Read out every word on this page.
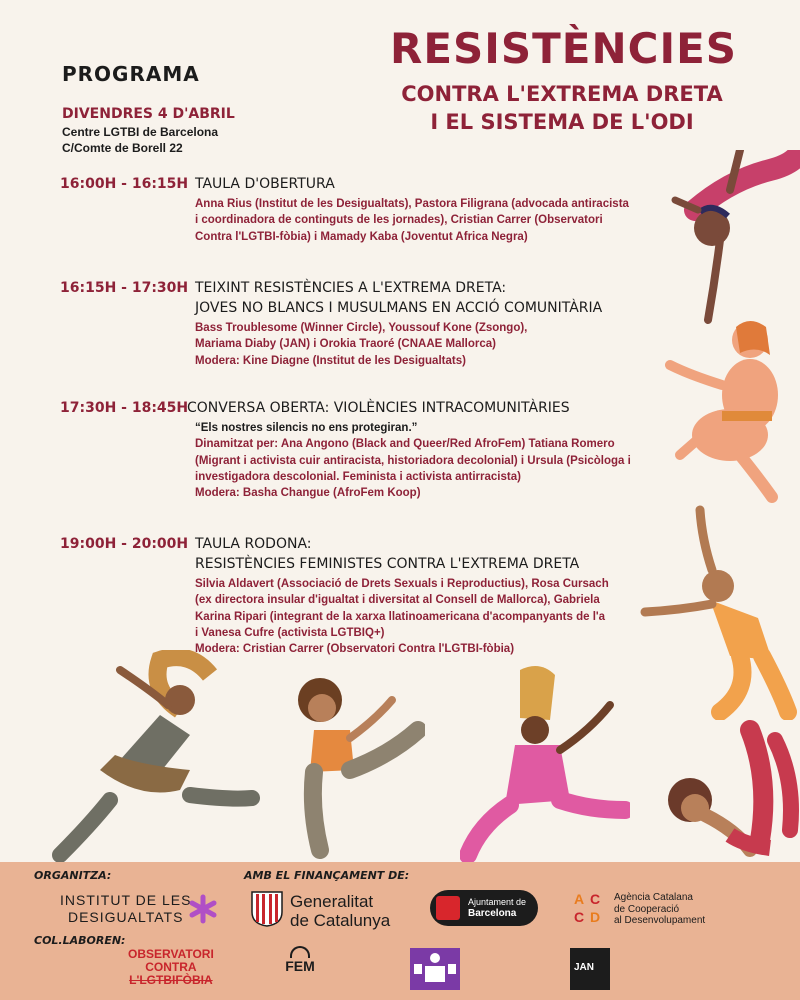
RESISTÈNCIES
CONTRA L'EXTREMA DRETA
I EL SISTEMA DE L'ODI
PROGRAMA
DIVENDRES 4 D'ABRIL
Centre LGTBI de Barcelona
C/Comte de Borell 22
16:00H - 16:15H TAULA D'OBERTURA
Anna Rius (Institut de les Desigualtats), Pastora Filigrana (advocada antiracista
i coordinadora de continguts de les jornades), Cristian Carrer (Observatori
Contra l'LGTBI-fòbia) i Mamady Kaba (Joventut Africa Negra)
16:15H - 17:30H TEIXINT RESISTÈNCIES A L'EXTREMA DRETA:
JOVES NO BLANCS I MUSULMANS EN ACCIÓ COMUNITÀRIA
Bass Troublesome (Winner Circle), Youssouf Kone (Zsongo),
Mariama Diaby (JAN) i Orokia Traoré (CNAAE Mallorca)
Modera: Kine Diagne (Institut de les Desigualtats)
17:30H - 18:45H
CONVERSA OBERTA: VIOLÈNCIES INTRACOMUNITÀRIES
“Els nostres silencis no ens protegiran.”
Dinamitzat per: Ana Angono (Black and Queer/Red AfroFem) Tatiana Romero
(Migrant i activista cuir antiracista, historiadora decolonial) i Ursula (Psicòloga i
investigadora descolonial. Feminista i activista antirracista)
Modera: Basha Changue (AfroFem Koop)
19:00H - 20:00H TAULA RODONA:
RESISTÈNCIES FEMINISTES CONTRA L'EXTREMA DRETA
Silvia Aldavert (Associació de Drets Sexuals i Reproductius), Rosa Cursach
(ex directora insular d'igualtat i diversitat al Consell de Mallorca), Gabriela
Karina Ripari (integrant de la xarxa llatinoamericana d'acompanyants de l'a
i Vanesa Cufre (activista LGTBIQ+)
Modera: Cristian Carrer (Observatori Contra l'LGTBI-fòbia)
ORGANITZA:	AMB EL FINANÇAMENT DE:
COL.LABOREN:
INSTITUT DE LES
DESIGUALTATS
Generalitat
de Catalunya
Ajuntament de
Barcelona
A C
C D
Agència Catalana
de Cooperació
al Desenvolupament
OBSERVATORI
CONTRA
L'LGTBIFÒBIA
FEM	JAN
